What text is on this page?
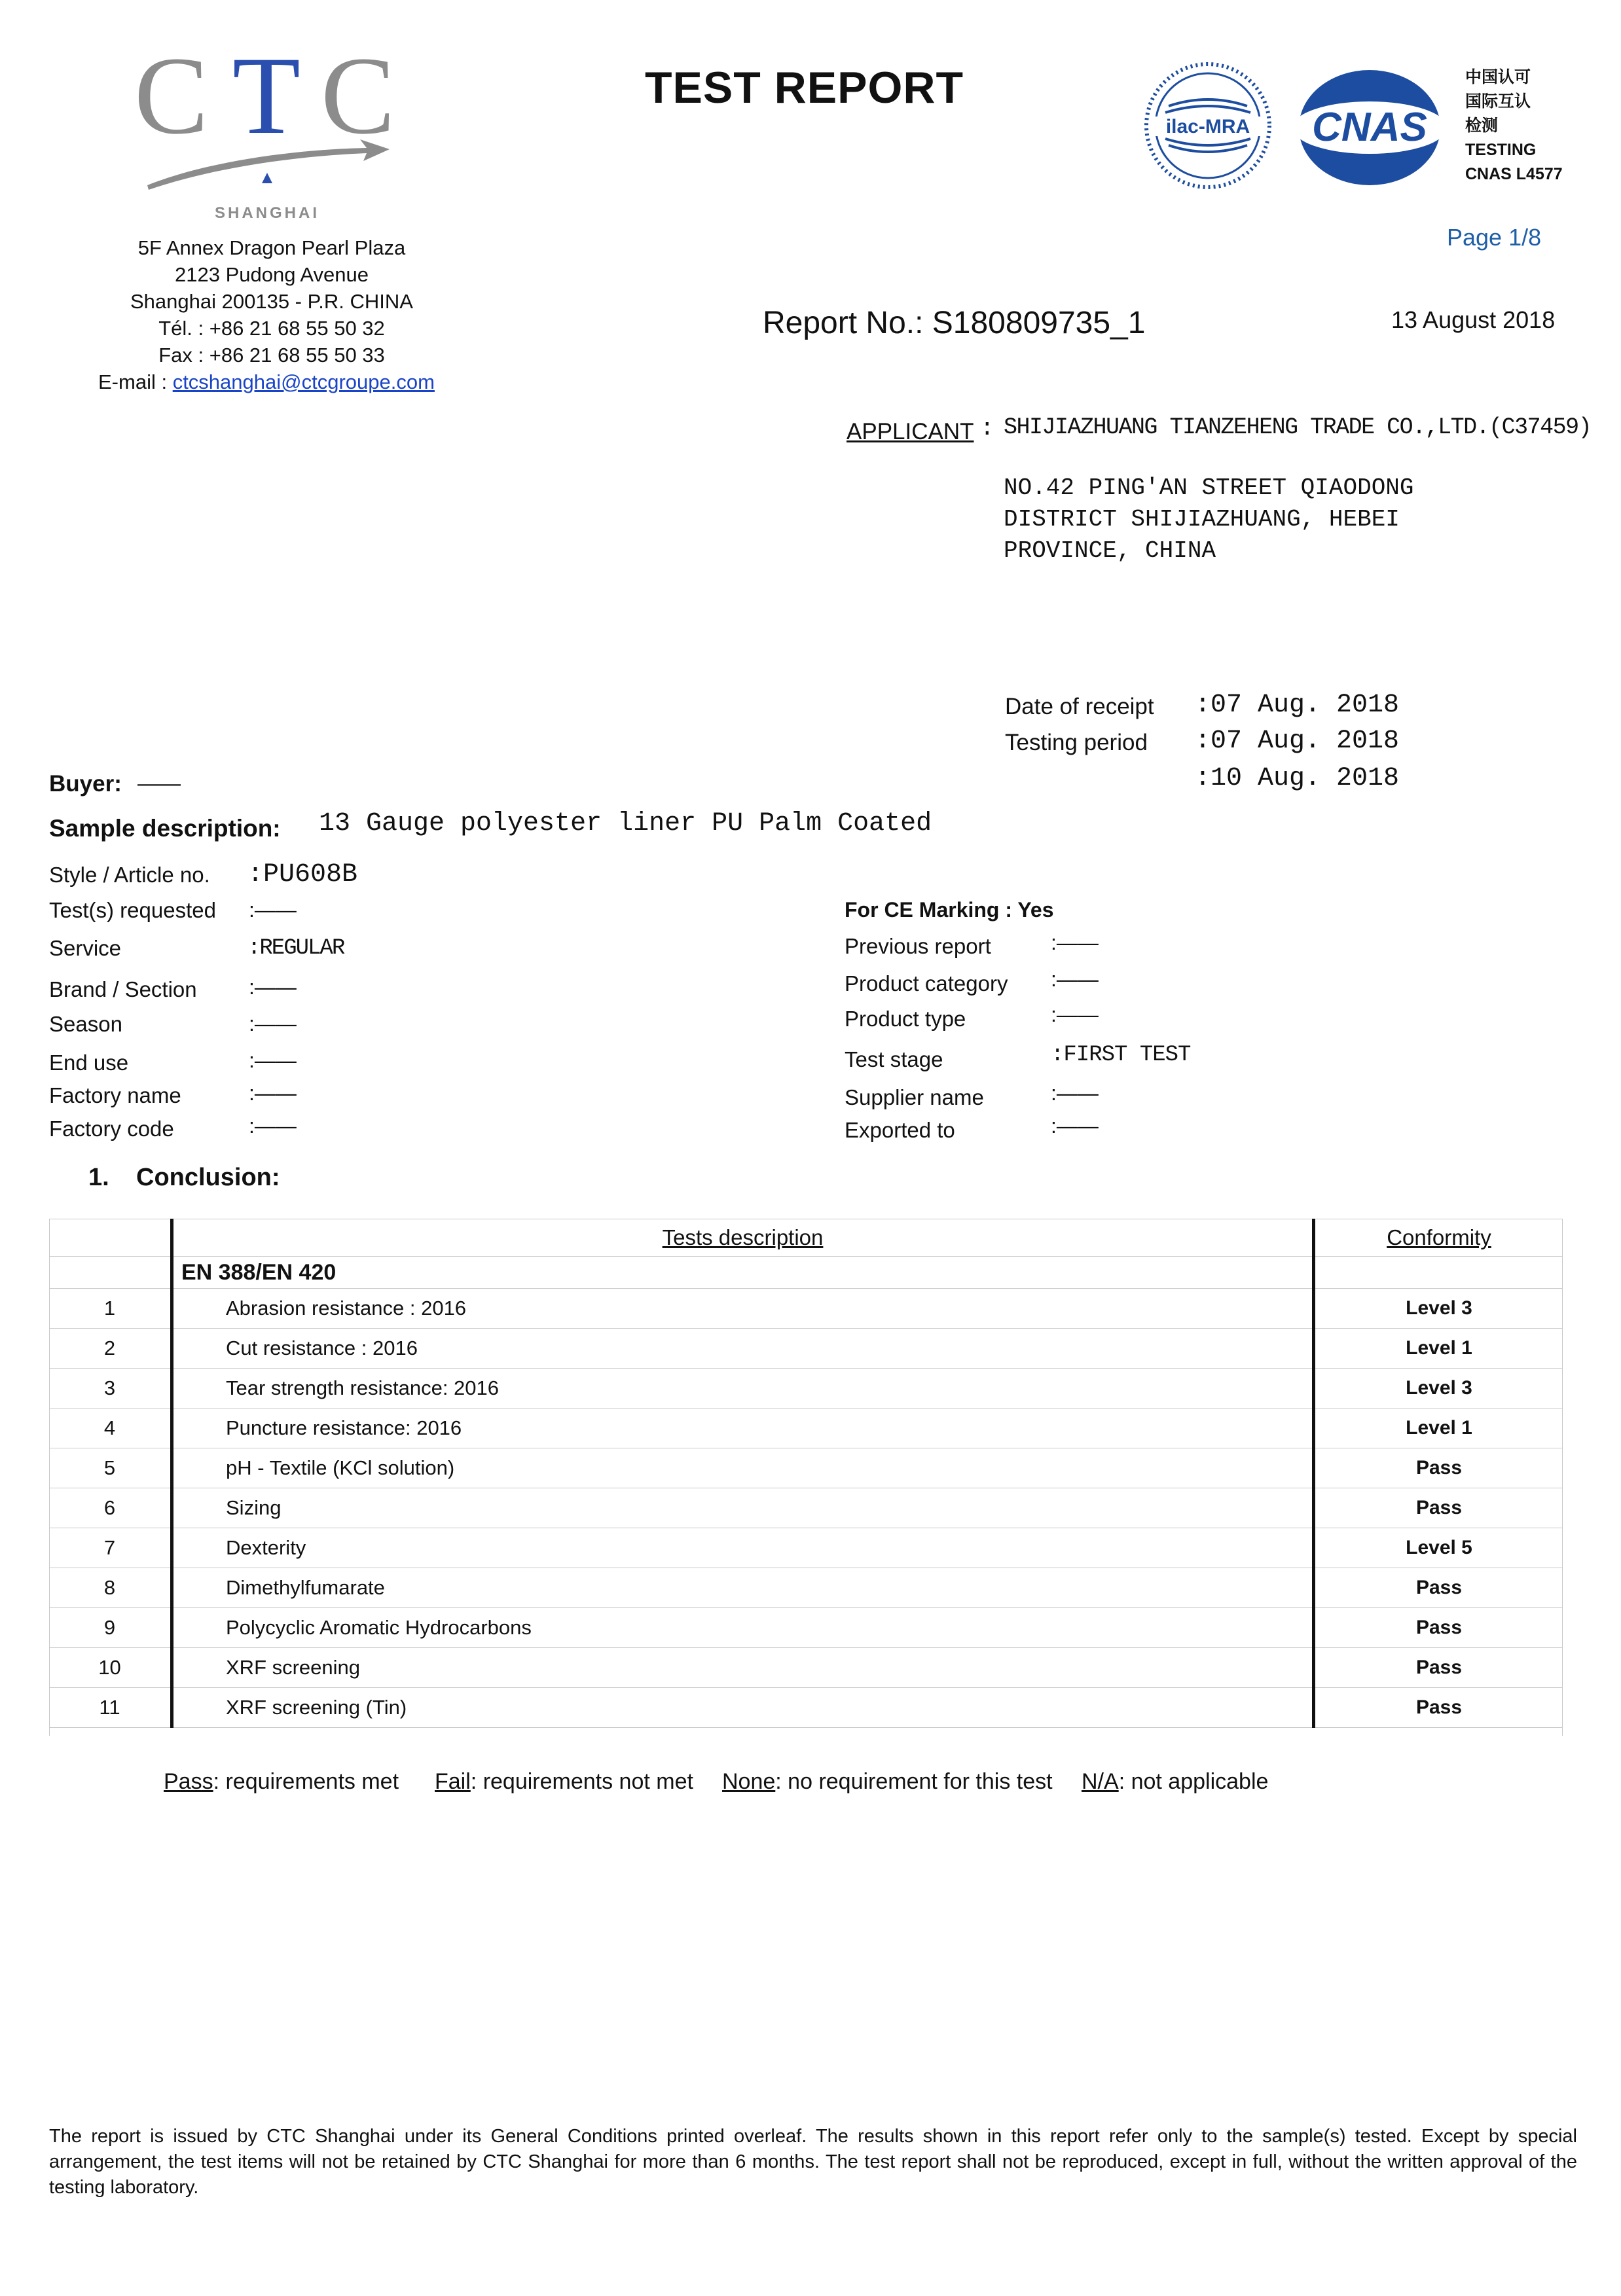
C T C
SHANGHAI
5F Annex Dragon Pearl Plaza
2123 Pudong Avenue
Shanghai 200135 - P.R. CHINA
Tél. : +86 21 68 55 50 32
Fax : +86 21 68 55 50 33
E-mail : ctcshanghai@ctcgroupe.com
TEST REPORT
ilac-MRA CNAS
中国认可
国际互认
检测
TESTING
CNAS L4577
Page 1/8
Report No.: S180809735_1	13 August 2018
APPLICANT : SHIJIAZHUANG TIANZEHENG TRADE CO.,LTD.(C37459)
NO.42 PING'AN STREET QIAODONG
DISTRICT SHIJIAZHUANG, HEBEI
PROVINCE, CHINA
Date of receipt :07 Aug. 2018
Testing period :07 Aug. 2018
:10 Aug. 2018
Buyer: ——
Sample description: 13 Gauge polyester liner PU Palm Coated
Style / Article no. :PU608B
Test(s) requested :——
Service	:REGULAR
Brand / Section :——
Season	:——
End use	:——
Factory name	:——
Factory code	:——
For CE Marking : Yes
Previous report	:——
Product category :——
Product type	:——
Test stage	:FIRST TEST
Supplier name	:——
Exported to	:——
1. Conclusion:
	Tests description	Conformity
	EN 388/EN 420	
1	Abrasion resistance : 2016	Level 3
2	Cut resistance : 2016	Level 1
3	Tear strength resistance: 2016	Level 3
4	Puncture resistance: 2016	Level 1
5	pH - Textile (KCl solution)	Pass
6	Sizing	Pass
7	Dexterity	Level 5
8	Dimethylfumarate	Pass
9	Polycyclic Aromatic Hydrocarbons	Pass
10	XRF screening	Pass
11	XRF screening (Tin)	Pass
Pass: requirements met Fail: requirements not met None: no requirement for this test N/A: not applicable
The report is issued by CTC Shanghai under its General Conditions printed overleaf. The results shown in this report refer only to the sample(s) tested. Except by special arrangement, the test items will not be retained by CTC Shanghai for more than 6 months. The test report shall not be reproduced, except in full, without the written approval of the testing laboratory.
